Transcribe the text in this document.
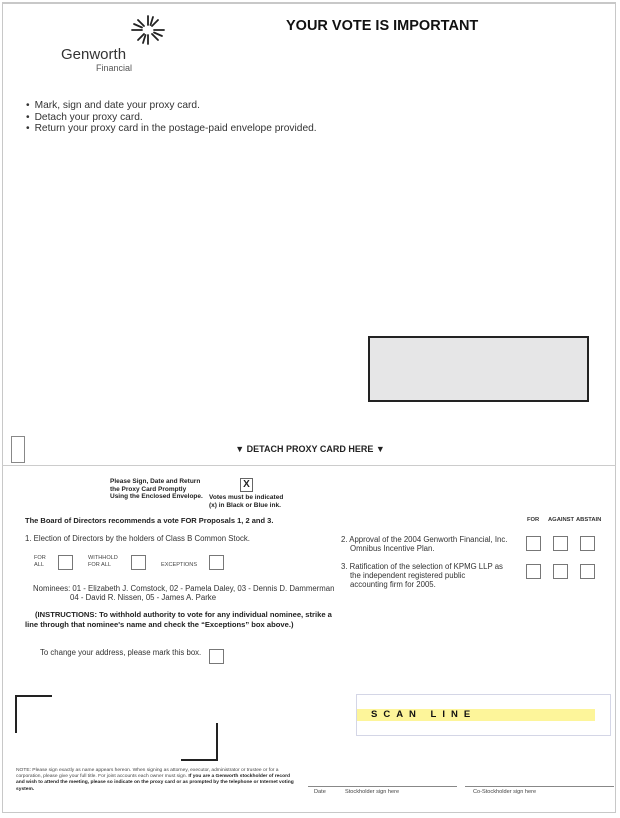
Genworth
Financial
YOUR VOTE IS IMPORTANT
• Mark, sign and date your proxy card.
• Detach your proxy card.
• Return your proxy card in the postage-paid envelope provided.
▼ DETACH PROXY CARD HERE ▼
Please Sign, Date and Return
the Proxy Card Promptly
Using the Enclosed Envelope.
X
Votes must be indicated
(x) in Black or Blue ink.
The Board of Directors recommends a vote FOR Proposals 1, 2 and 3.	FOR AGAINST ABSTAIN
1. Election of Directors by the holders of Class B Common Stock.
FOR
ALL
WITHHOLD
FOR ALL	EXCEPTIONS
Nominees: 01 - Elizabeth J. Comstock, 02 - Pamela Daley, 03 - Dennis D. Dammerman
04 - David R. Nissen, 05 - James A. Parke
(INSTRUCTIONS: To withhold authority to vote for any individual nominee, strike a
line through that nominee's name and check the “Exceptions” box above.)
To change your address, please mark this box.
2. Approval of the 2004 Genworth Financial, Inc.
Omnibus Incentive Plan.
3. Ratification of the selection of KPMG LLP as
the independent registered public
accounting firm for 2005.
SCAN LINE
NOTE: Please sign exactly as name appears hereon. When signing as attorney, executor, administrator or trustee or for a corporation, please give your full title. For joint accounts each owner must sign. If you are a Genworth stockholder of record and wish to attend the meeting, please so indicate on the proxy card or as prompted by the telephone or Internet voting system.	Date	Stockholder sign here	Co-Stockholder sign here
